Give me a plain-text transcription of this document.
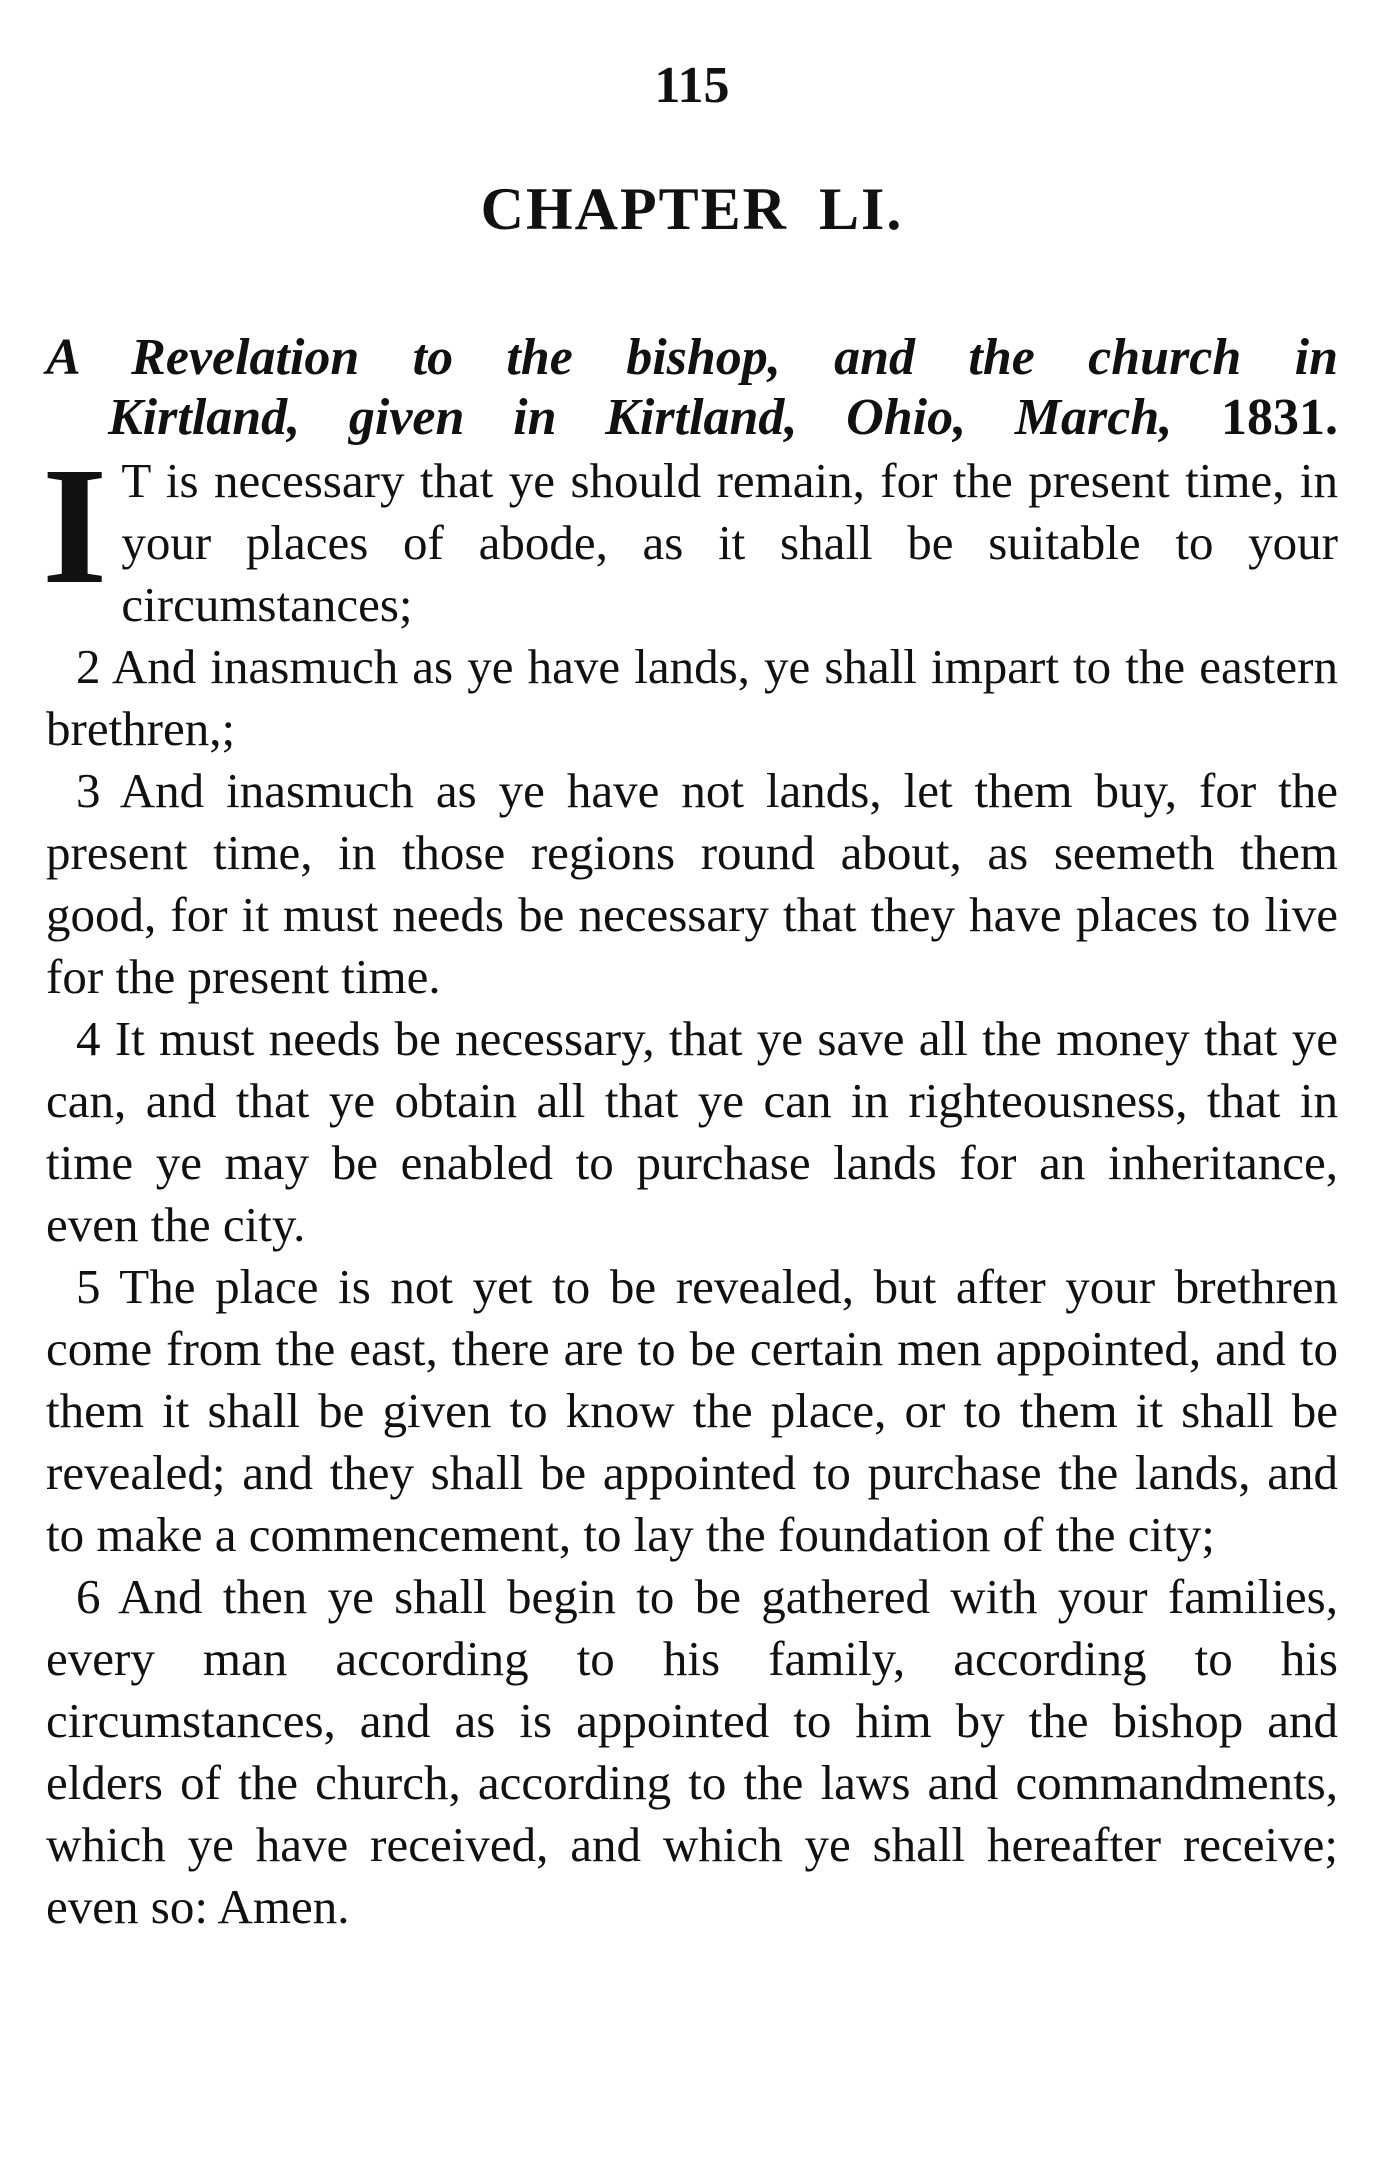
115
CHAPTER LI.
A Revelation to the bishop, and the church in
Kirtland, given in Kirtland, Ohio, March, 1831.

I T is necessary that ye should remain, for the present time, in your places of abode, as it shall be suitable to your circumstances;

2 And inasmuch as ye have lands, ye shall impart to the eastern brethren,;

3 And inasmuch as ye have not lands, let them buy, for the present time, in those regions round about, as seemeth them good, for it must needs be necessary that they have places to live for the present time.

4 It must needs be necessary, that ye save all the money that ye can, and that ye obtain all that ye can in righteousness, that in time ye may be enabled to purchase lands for an inheritance, even the city.

5 The place is not yet to be revealed, but after your brethren come from the east, there are to be certain men appointed, and to them it shall be given to know the place, or to them it shall be revealed; and they shall be appointed to purchase the lands, and to make a commencement, to lay the foundation of the city;

6 And then ye shall begin to be gathered with your families, every man according to his family, according to his circumstances, and as is appointed to him by the bishop and elders of the church, according to the laws and commandments, which ye have received, and which ye shall hereafter receive; even so: Amen.
